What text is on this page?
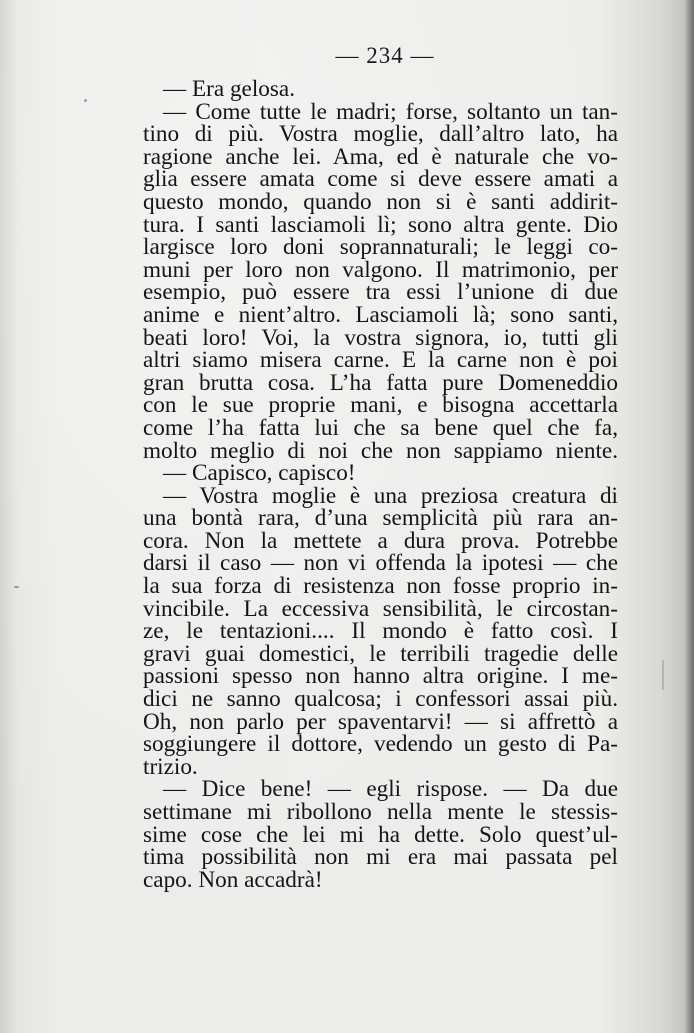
— 234 —
— Era gelosa.
— Come tutte le madri; forse, soltanto un tan-
tino di più. Vostra moglie, dall’altro lato, ha
ragione anche lei. Ama, ed è naturale che vo-
glia essere amata come si deve essere amati a
questo mondo, quando non si è santi addirit-
tura. I santi lasciamoli lì; sono altra gente. Dio
largisce loro doni soprannaturali; le leggi co-
muni per loro non valgono. Il matrimonio, per
esempio, può essere tra essi l’unione di due
anime e nient’altro. Lasciamoli là; sono santi,
beati loro! Voi, la vostra signora, io, tutti gli
altri siamo misera carne. E la carne non è poi
gran brutta cosa. L’ha fatta pure Domeneddio
con le sue proprie mani, e bisogna accettarla
come l’ha fatta lui che sa bene quel che fa,
molto meglio di noi che non sappiamo niente.
— Capisco, capisco!
— Vostra moglie è una preziosa creatura di
una bontà rara, d’una semplicità più rara an-
cora. Non la mettete a dura prova. Potrebbe
darsi il caso — non vi offenda la ipotesi — che
la sua forza di resistenza non fosse proprio in-
vincibile. La eccessiva sensibilità, le circostan-
ze, le tentazioni.... Il mondo è fatto così. I
gravi guai domestici, le terribili tragedie delle
passioni spesso non hanno altra origine. I me-
dici ne sanno qualcosa; i confessori assai più.
Oh, non parlo per spaventarvi! — si affrettò a
soggiungere il dottore, vedendo un gesto di Pa-
trizio.
— Dice bene! — egli rispose. — Da due
settimane mi ribollono nella mente le stessis-
sime cose che lei mi ha dette. Solo quest’ul-
tima possibilità non mi era mai passata pel
capo. Non accadrà!
